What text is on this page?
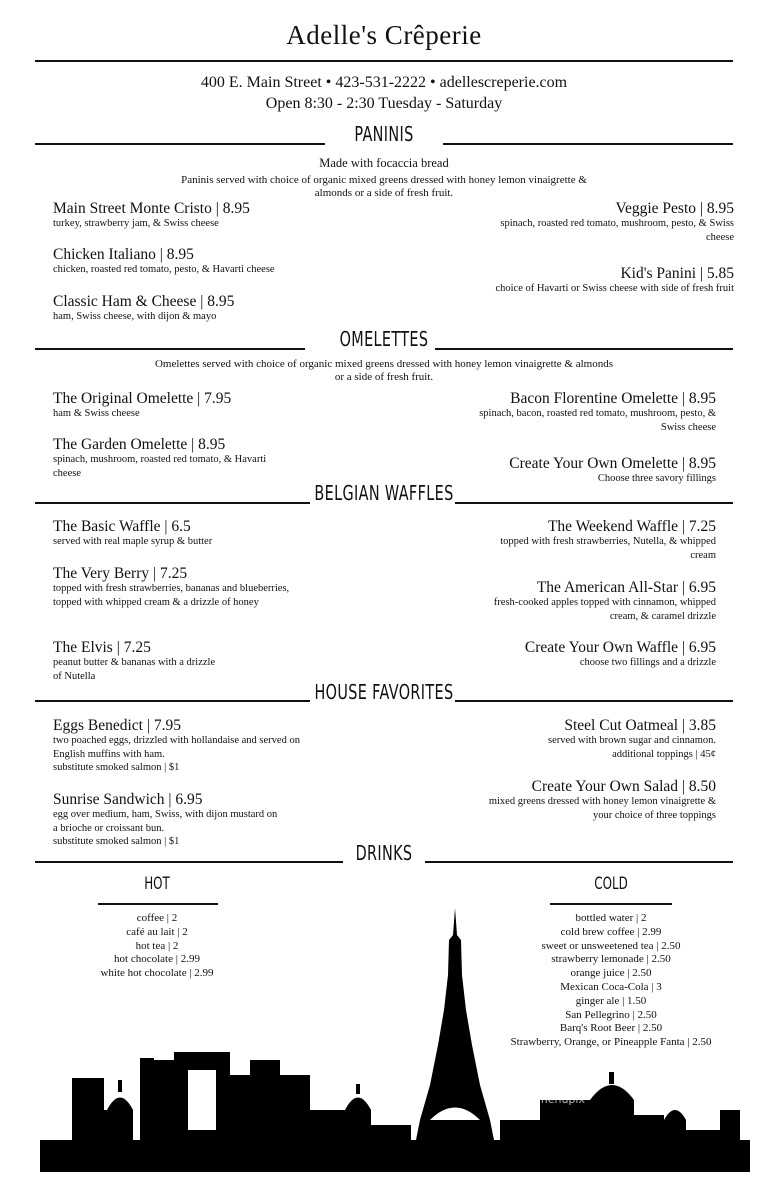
Adelle's Crêperie
400 E. Main Street • 423-531-2222 • adellescreperie.com
Open 8:30 - 2:30 Tuesday - Saturday
PANINIS
Made with focaccia bread
Paninis served with choice of organic mixed greens dressed with honey lemon vinaigrette &
almonds or a side of fresh fruit.
OMELETTES
Omelettes served with choice of organic mixed greens dressed with honey lemon vinaigrette & almonds
or a side of fresh fruit.
BELGIAN WAFFLES
HOUSE FAVORITES
DRINKS
Main Street Monte Cristo | 8.95
turkey, strawberry jam, & Swiss cheese
Chicken Italiano | 8.95
chicken, roasted red tomato, pesto, & Havarti cheese
Classic Ham & Cheese | 8.95
ham, Swiss cheese, with dijon & mayo
Veggie Pesto | 8.95
spinach, roasted red tomato, mushroom, pesto, & Swiss cheese
Kid's Panini | 5.85
choice of Havarti or Swiss cheese with side of fresh fruit
The Original Omelette | 7.95
ham & Swiss cheese
The Garden Omelette | 8.95
spinach, mushroom, roasted red tomato, & Havarti cheese
Bacon Florentine Omelette | 8.95
spinach, bacon, roasted red tomato, mushroom, pesto, & Swiss cheese
Create Your Own Omelette | 8.95
Choose three savory fillings
The Basic Waffle | 6.5
served with real maple syrup & butter
The Very Berry | 7.25
topped with fresh strawberries, bananas and blueberries, topped with whipped cream & a drizzle of honey
The Elvis | 7.25
peanut butter & bananas with a drizzle of Nutella
The Weekend Waffle | 7.25
topped with fresh strawberries, Nutella, & whipped cream
The American All-Star | 6.95
fresh-cooked apples topped with cinnamon, whipped cream, & caramel drizzle
Create Your Own Waffle | 6.95
choose two fillings and a drizzle
Eggs Benedict | 7.95
two poached eggs, drizzled with hollandaise and served on English muffins with ham.
substitute smoked salmon | $1
Sunrise Sandwich | 6.95
egg over medium, ham, Swiss, with dijon mustard on a brioche or croissant bun.
substitute smoked salmon | $1
Steel Cut Oatmeal | 3.85
served with brown sugar and cinnamon.
additional toppings | 45¢
Create Your Own Salad | 8.50
mixed greens dressed with honey lemon vinaigrette & your choice of three toppings
HOT
coffee | 2
café au lait | 2
hot tea | 2
hot chocolate | 2.99
white hot chocolate | 2.99
COLD
bottled water | 2
cold brew coffee | 2.99
sweet or unsweetened tea | 2.50
strawberry lemonade | 2.50
orange juice | 2.50
Mexican Coca-Cola | 3
ginger ale | 1.50
San Pellegrino | 2.50
Barq's Root Beer | 2.50
Strawberry, Orange, or Pineapple Fanta | 2.50
menupix
